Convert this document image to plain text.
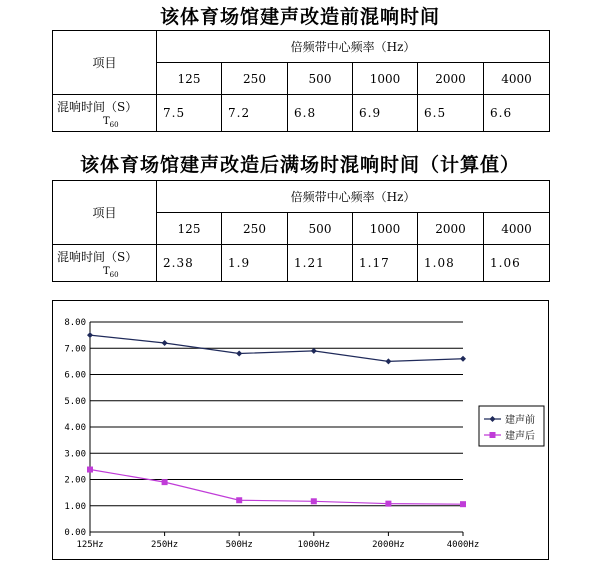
该体育场馆建声改造前混响时间
项目	倍频带中心频率（Hz）					
	125	250	500	1000	2000	4000

混响时间（S）
$T_{60}$	7.5	7.2	6.8	6.9	6.5	6.6
该体育场馆建声改造后满场时混响时间（计算值）
项目	倍频带中心频率（Hz）					
	125	250	500	1000	2000	4000

混响时间（S）
$T_{60}$	2.38	1.9	1.21	1.17	1.08	1.06
8.00
7.00
6.00
5.00
4.00
3.00
2.00
1.00
0.00
125Hz	250Hz	500Hz	1000Hz	2000Hz	4000Hz
建声前
建声后
